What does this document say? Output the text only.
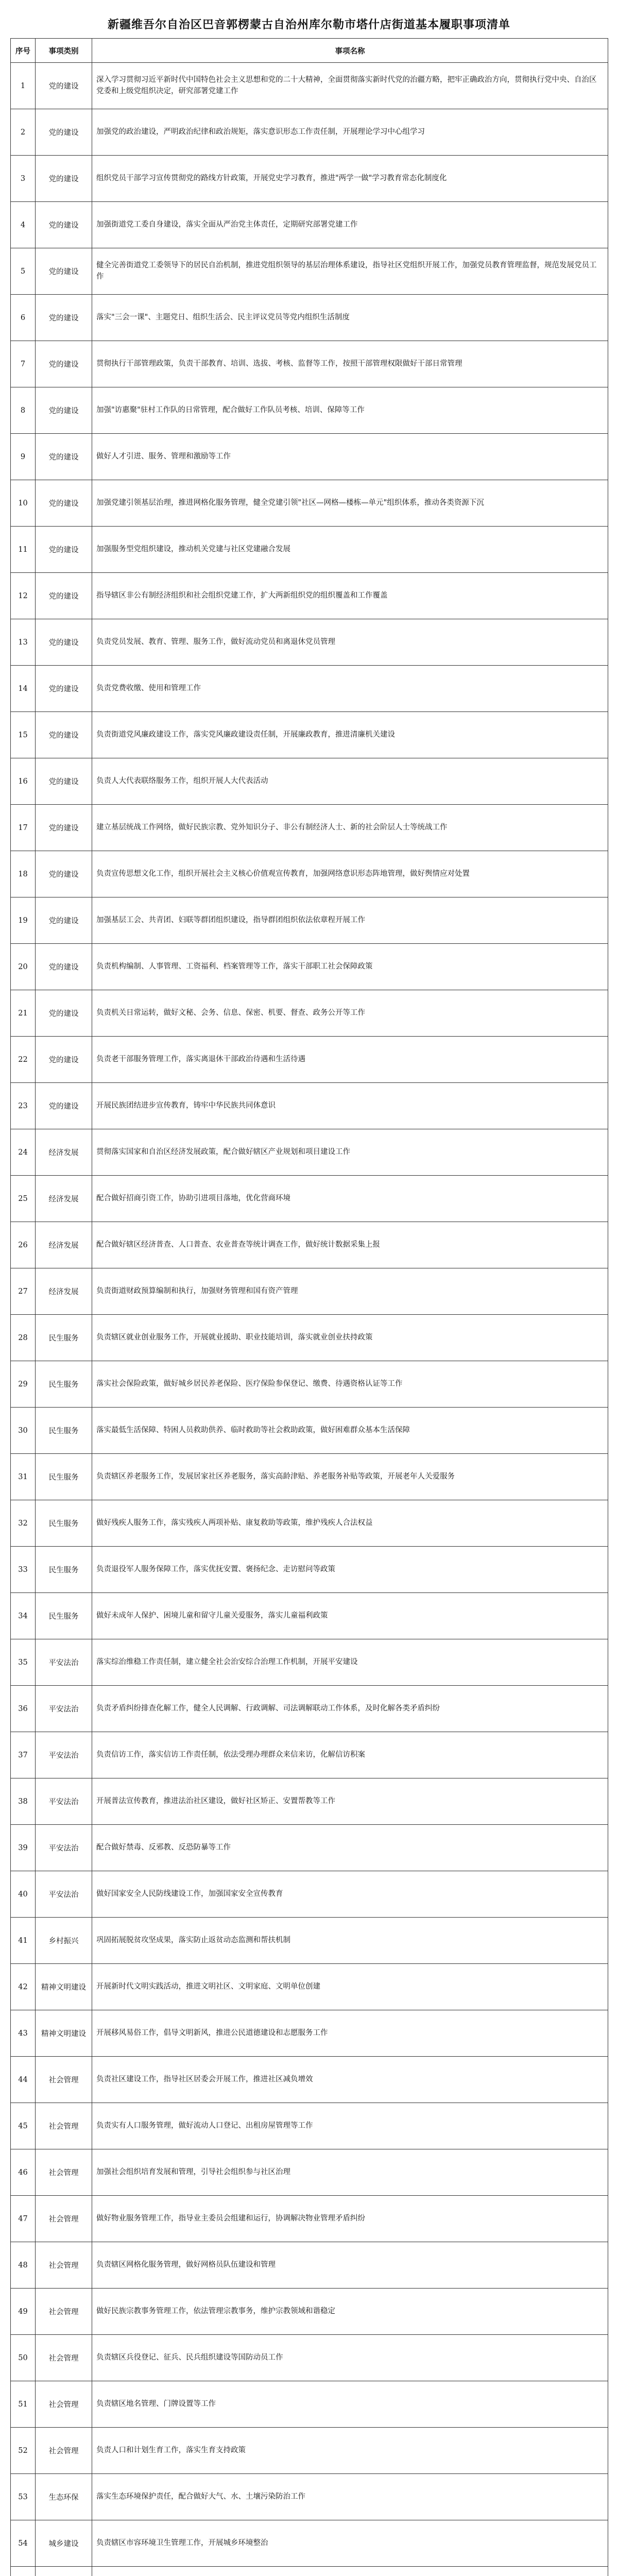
新疆维吾尔自治区巴音郭楞蒙古自治州库尔勒市塔什店街道基本履职事项清单
序号	事项类别	事项名称
1	党的建设	深入学习贯彻习近平新时代中国特色社会主义思想和党的二十大精神，全面贯彻落实新时代党的治疆方略，把牢正确政治方向，贯彻执行党中央、自治区党委和上级党组织决定，研究部署党建工作
2	党的建设	加强党的政治建设，严明政治纪律和政治规矩，落实意识形态工作责任制，开展理论学习中心组学习
3	党的建设	组织党员干部学习宣传贯彻党的路线方针政策，开展党史学习教育，推进"两学一做"学习教育常态化制度化
4	党的建设	加强街道党工委自身建设，落实全面从严治党主体责任，定期研究部署党建工作
5	党的建设	健全完善街道党工委领导下的居民自治机制，推进党组织领导的基层治理体系建设，指导社区党组织开展工作，加强党员教育管理监督，规范发展党员工作
6	党的建设	落实"三会一课"、主题党日、组织生活会、民主评议党员等党内组织生活制度
7	党的建设	贯彻执行干部管理政策，负责干部教育、培训、选拔、考核、监督等工作，按照干部管理权限做好干部日常管理
8	党的建设	加强"访惠聚"驻村工作队的日常管理，配合做好工作队员考核、培训、保障等工作
9	党的建设	做好人才引进、服务、管理和激励等工作
10	党的建设	加强党建引领基层治理，推进网格化服务管理，健全党建引领"社区—网格—楼栋—单元"组织体系，推动各类资源下沉
11	党的建设	加强服务型党组织建设，推动机关党建与社区党建融合发展
12	党的建设	指导辖区非公有制经济组织和社会组织党建工作，扩大两新组织党的组织覆盖和工作覆盖
13	党的建设	负责党员发展、教育、管理、服务工作，做好流动党员和离退休党员管理
14	党的建设	负责党费收缴、使用和管理工作
15	党的建设	负责街道党风廉政建设工作，落实党风廉政建设责任制，开展廉政教育，推进清廉机关建设
16	党的建设	负责人大代表联络服务工作，组织开展人大代表活动
17	党的建设	建立基层统战工作网络，做好民族宗教、党外知识分子、非公有制经济人士、新的社会阶层人士等统战工作
18	党的建设	负责宣传思想文化工作，组织开展社会主义核心价值观宣传教育，加强网络意识形态阵地管理，做好舆情应对处置
19	党的建设	加强基层工会、共青团、妇联等群团组织建设，指导群团组织依法依章程开展工作
20	党的建设	负责机构编制、人事管理、工资福利、档案管理等工作，落实干部职工社会保障政策
21	党的建设	负责机关日常运转，做好文秘、会务、信息、保密、机要、督查、政务公开等工作
22	党的建设	负责老干部服务管理工作，落实离退休干部政治待遇和生活待遇
23	党的建设	开展民族团结进步宣传教育，铸牢中华民族共同体意识
24	经济发展	贯彻落实国家和自治区经济发展政策，配合做好辖区产业规划和项目建设工作
25	经济发展	配合做好招商引资工作，协助引进项目落地，优化营商环境
26	经济发展	配合做好辖区经济普查、人口普查、农业普查等统计调查工作，做好统计数据采集上报
27	经济发展	负责街道财政预算编制和执行，加强财务管理和国有资产管理
28	民生服务	负责辖区就业创业服务工作，开展就业援助、职业技能培训，落实就业创业扶持政策
29	民生服务	落实社会保险政策，做好城乡居民养老保险、医疗保险参保登记、缴费、待遇资格认证等工作
30	民生服务	落实最低生活保障、特困人员救助供养、临时救助等社会救助政策，做好困难群众基本生活保障
31	民生服务	负责辖区养老服务工作，发展居家社区养老服务，落实高龄津贴、养老服务补贴等政策，开展老年人关爱服务
32	民生服务	做好残疾人服务工作，落实残疾人两项补贴、康复救助等政策，维护残疾人合法权益
33	民生服务	负责退役军人服务保障工作，落实优抚安置、褒扬纪念、走访慰问等政策
34	民生服务	做好未成年人保护、困境儿童和留守儿童关爱服务，落实儿童福利政策
35	平安法治	落实综治维稳工作责任制，建立健全社会治安综合治理工作机制，开展平安建设
36	平安法治	负责矛盾纠纷排查化解工作，健全人民调解、行政调解、司法调解联动工作体系，及时化解各类矛盾纠纷
37	平安法治	负责信访工作，落实信访工作责任制，依法受理办理群众来信来访，化解信访积案
38	平安法治	开展普法宣传教育，推进法治社区建设，做好社区矫正、安置帮教等工作
39	平安法治	配合做好禁毒、反邪教、反恐防暴等工作
40	平安法治	做好国家安全人民防线建设工作，加强国家安全宣传教育
41	乡村振兴	巩固拓展脱贫攻坚成果，落实防止返贫动态监测和帮扶机制
42	精神文明建设	开展新时代文明实践活动，推进文明社区、文明家庭、文明单位创建
43	精神文明建设	开展移风易俗工作，倡导文明新风，推进公民道德建设和志愿服务工作
44	社会管理	负责社区建设工作，指导社区居委会开展工作，推进社区减负增效
45	社会管理	负责实有人口服务管理，做好流动人口登记、出租房屋管理等工作
46	社会管理	加强社会组织培育发展和管理，引导社会组织参与社区治理
47	社会管理	做好物业服务管理工作，指导业主委员会组建和运行，协调解决物业管理矛盾纠纷
48	社会管理	负责辖区网格化服务管理，做好网格员队伍建设和管理
49	社会管理	做好民族宗教事务管理工作，依法管理宗教事务，维护宗教领域和谐稳定
50	社会管理	负责辖区兵役登记、征兵、民兵组织建设等国防动员工作
51	社会管理	负责辖区地名管理、门牌设置等工作
52	社会管理	负责人口和计划生育工作，落实生育支持政策
53	生态环保	落实生态环境保护责任，配合做好大气、水、土壤污染防治工作
54	城乡建设	负责辖区市容环境卫生管理工作，开展城乡环境整治
